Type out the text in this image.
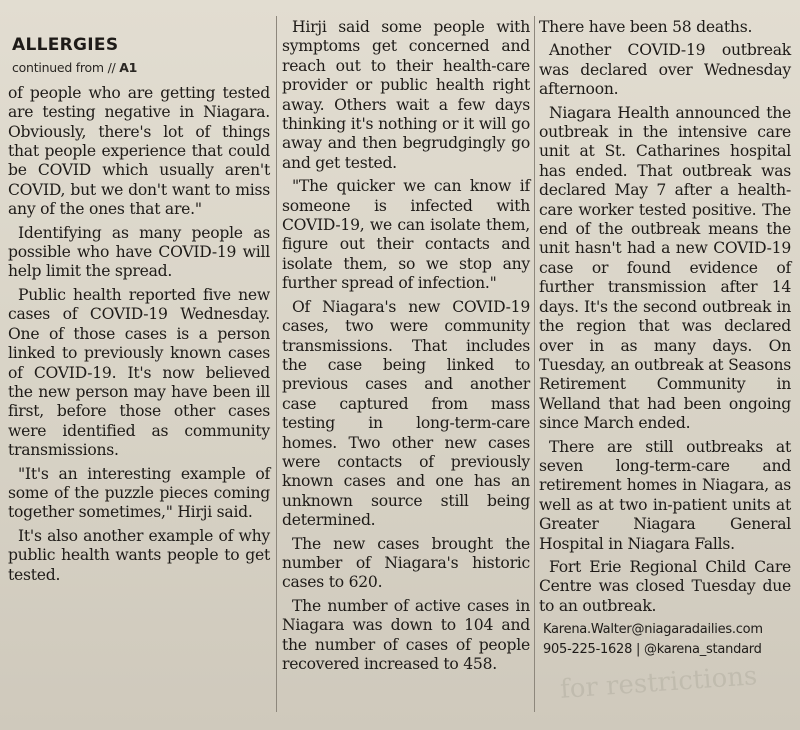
for restrictions
ALLERGIES
continued from // A1

of people who are getting tested are testing negative in Niagara. Obviously, there's lot of things that people experience that could be COVID which usually aren't COVID, but we don't want to miss any of the ones that are."

Identifying as many people as possible who have COVID-19 will help limit the spread.

Public health reported five new cases of COVID-19 Wednesday. One of those cases is a person linked to previously known cases of COVID-19. It's now believed the new person may have been ill first, before those other cases were identified as community transmissions.

"It's an interesting example of some of the puzzle pieces coming together sometimes," Hirji said.

It's also another example of why public health wants people to get tested.

Hirji said some people with symptoms get concerned and reach out to their health-care provider or public health right away. Others wait a few days thinking it's nothing or it will go away and then begrudgingly go and get tested.

"The quicker we can know if someone is infected with COVID-19, we can isolate them, figure out their contacts and isolate them, so we stop any further spread of infection."

Of Niagara's new COVID-19 cases, two were community transmissions. That includes the case being linked to previous cases and another case captured from mass testing in long-term-care homes. Two other new cases were contacts of previously known cases and one has an unknown source still being determined.

The new cases brought the number of Niagara's historic cases to 620.

The number of active cases in Niagara was down to 104 and the number of cases of people recovered increased to 458.

There have been 58 deaths.

Another COVID-19 outbreak was declared over Wednesday afternoon.

Niagara Health announced the outbreak in the intensive care unit at St. Catharines hospital has ended. That outbreak was declared May 7 after a health-care worker tested positive. The end of the outbreak means the unit hasn't had a new COVID-19 case or found evidence of further transmission after 14 days. It's the second outbreak in the region that was declared over in as many days. On Tuesday, an outbreak at Seasons Retirement Community in Welland that had been ongoing since March ended.

There are still outbreaks at seven long-term-care and retirement homes in Niagara, as well as at two in-patient units at Greater Niagara General Hospital in Niagara Falls.

Fort Erie Regional Child Care Centre was closed Tuesday due to an outbreak.

Karena.Walter@niagaradailies.com
905-225-1628 | @karena_standard
